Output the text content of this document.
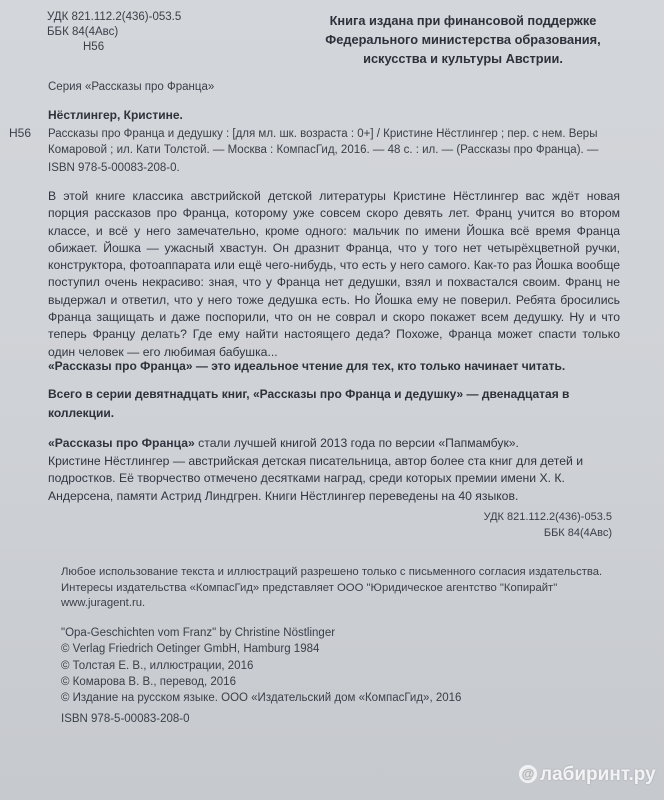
УДК 821.112.2(436)-053.5
ББК 84(4Авс)
Н56
Книга издана при финансовой поддержке
Федерального министерства образования,
искусства и культуры Австрии.
Серия «Рассказы про Франца»
Нёстлингер, Кристине.
Н56 Рассказы про Франца и дедушку : [для мл. шк. возраста : 0+] / Кристине Нёстлингер ; пер. с нем. Веры Комаровой ; ил. Кати Толстой. — Москва : КомпасГид, 2016. — 48 с. : ил. — (Рассказы про Франца). —
ISBN 978-5-00083-208-0.

В этой книге классика австрийской детской литературы Кристине Нёстлингер вас ждёт новая порция рассказов про Франца, которому уже совсем скоро девять лет. Франц учится во втором классе, и всё у него замечательно, кроме одного: мальчик по имени Йошка всё время Франца обижает. Йошка — ужасный хвастун. Он дразнит Франца, что у того нет четырёхцветной ручки, конструктора, фотоаппарата или ещё чего-нибудь, что есть у него самого. Как-то раз Йошка вообще поступил очень некрасиво: зная, что у Франца нет дедушки, взял и похвастался своим. Франц не выдержал и ответил, что у него тоже дедушка есть. Но Йошка ему не поверил. Ребята бросились Франца защищать и даже поспорили, что он не соврал и скоро покажет всем дедушку. Ну и что теперь Францу делать? Где ему найти настоящего деда? Похоже, Франца может спасти только один человек — его любимая бабушка...

«Рассказы про Франца» — это идеальное чтение для тех, кто только начинает читать.
Всего в серии девятнадцать книг, «Рассказы про Франца и дедушку» — двенадцатая в коллекции.

«Рассказы про Франца» стали лучшей книгой 2013 года по версии «Папмамбук».

Кристине Нёстлингер — австрийская детская писательница, автор более ста книг для детей и подростков. Её творчество отмечено десятками наград, среди которых премии имени Х. К. Андерсена, памяти Астрид Линдгрен. Книги Нёстлингер переведены на 40 языков.

УДК 821.112.2(436)-053.5
ББК 84(4Авс)
Любое использование текста и иллюстраций разрешено только с письменного согласия издательства.
Интересы издательства «КомпасГид» представляет ООО "Юридическое агентство "Копирайт"
www.juragent.ru.
"Opa-Geschichten vom Franz" by Christine Nöstlinger
© Verlag Friedrich Oetinger GmbH, Hamburg 1984
© Толстая Е. В., иллюстрации, 2016
© Комарова В. В., перевод, 2016
© Издание на русском языке. ООО «Издательский дом «КомпасГид», 2016
ISBN 978-5-00083-208-0
@ лабиринт.ру
